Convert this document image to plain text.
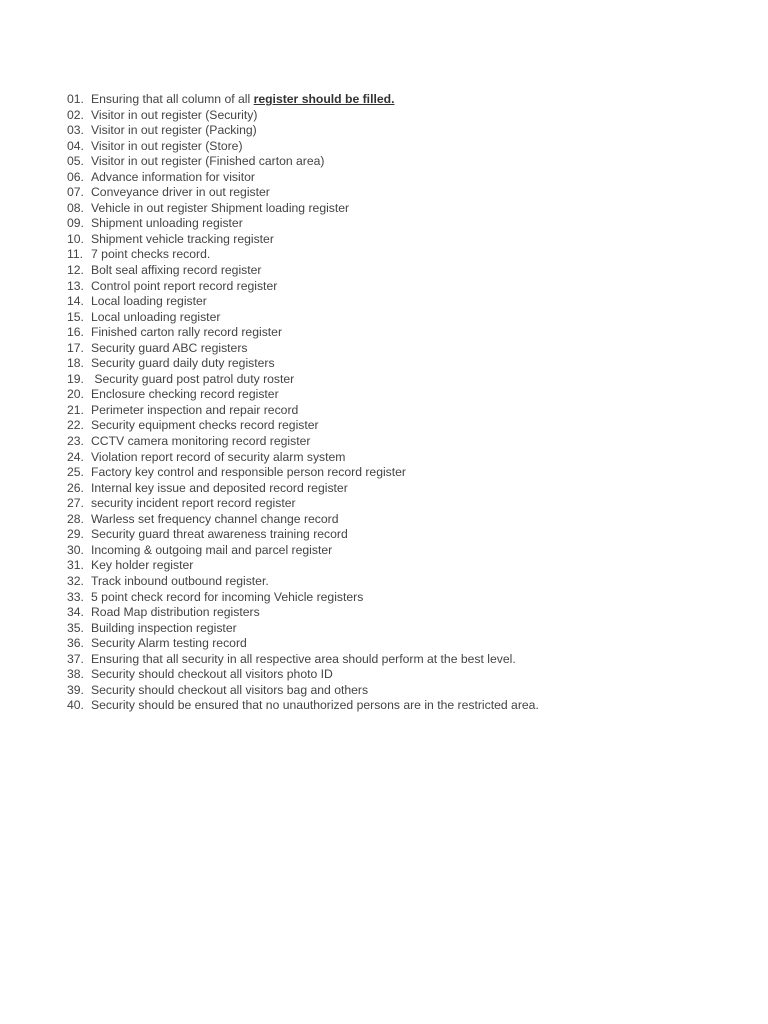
01. Ensuring that all column of all register should be filled.
02. Visitor in out register (Security)
03. Visitor in out register (Packing)
04. Visitor in out register (Store)
05. Visitor in out register (Finished carton area)
06. Advance information for visitor
07. Conveyance driver in out register
08. Vehicle in out register Shipment loading register
09. Shipment unloading register
10. Shipment vehicle tracking register
11. 7 point checks record.
12. Bolt seal affixing record register
13. Control point report record register
14. Local loading register
15. Local unloading register
16. Finished carton rally record register
17. Security guard ABC registers
18. Security guard daily duty registers
19. Security guard post patrol duty roster
20. Enclosure checking record register
21. Perimeter inspection and repair record
22. Security equipment checks record register
23. CCTV camera monitoring record register
24. Violation report record of security alarm system
25. Factory key control and responsible person record register
26. Internal key issue and deposited record register
27. security incident report record register
28. Warless set frequency channel change record
29. Security guard threat awareness training record
30. Incoming & outgoing mail and parcel register
31. Key holder register
32. Track inbound outbound register.
33. 5 point check record for incoming Vehicle registers
34. Road Map distribution registers
35. Building inspection register
36. Security Alarm testing record
37. Ensuring that all security in all respective area should perform at the best level.
38. Security should checkout all visitors photo ID
39. Security should checkout all visitors bag and others
40. Security should be ensured that no unauthorized persons are in the restricted area.
